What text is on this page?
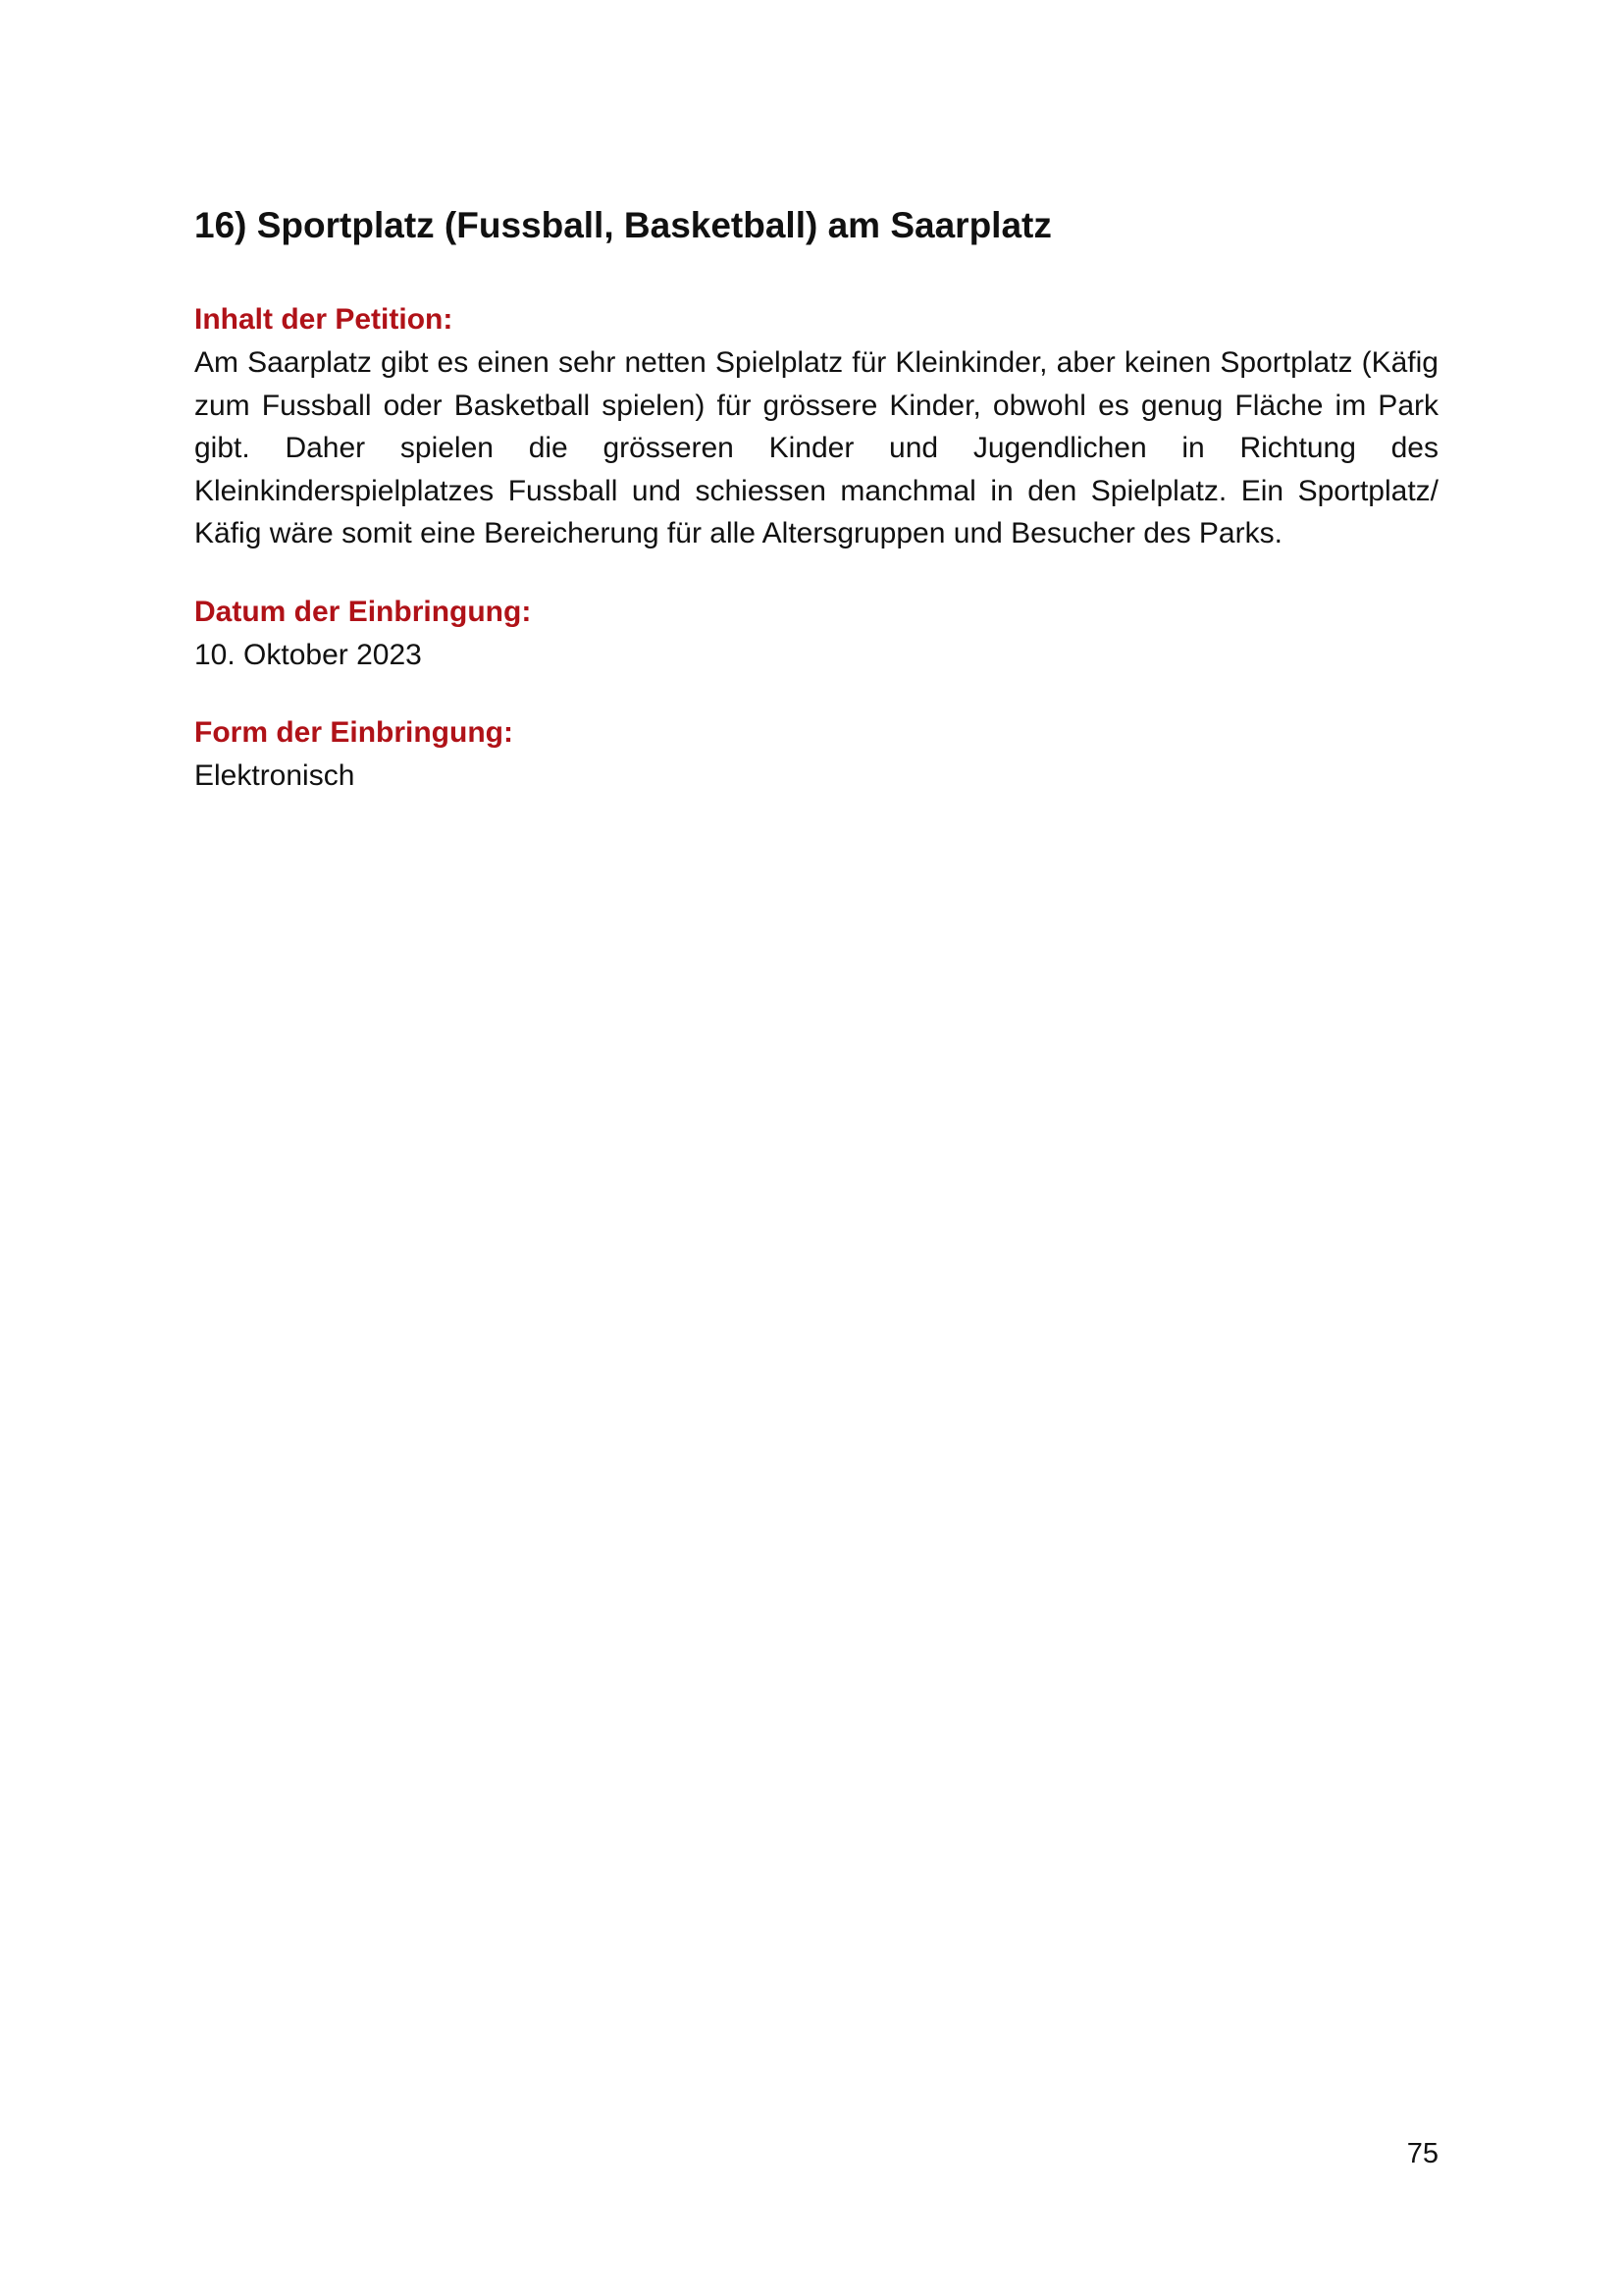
16) Sportplatz (Fussball, Basketball) am Saarplatz

Inhalt der Petition:

Am Saarplatz gibt es einen sehr netten Spielplatz für Kleinkinder, aber keinen Sportplatz (Käfig zum Fussball oder Basketball spielen) für grössere Kinder, obwohl es genug Fläche im Park gibt. Daher spielen die grösseren Kinder und Jugendlichen in Richtung des Kleinkinderspielplatzes Fussball und schiessen manchmal in den Spielplatz. Ein Sportplatz/ Käfig wäre somit eine Bereicherung für alle Altersgruppen und Besucher des Parks.

Datum der Einbringung:

10. Oktober 2023

Form der Einbringung:

Elektronisch

75
